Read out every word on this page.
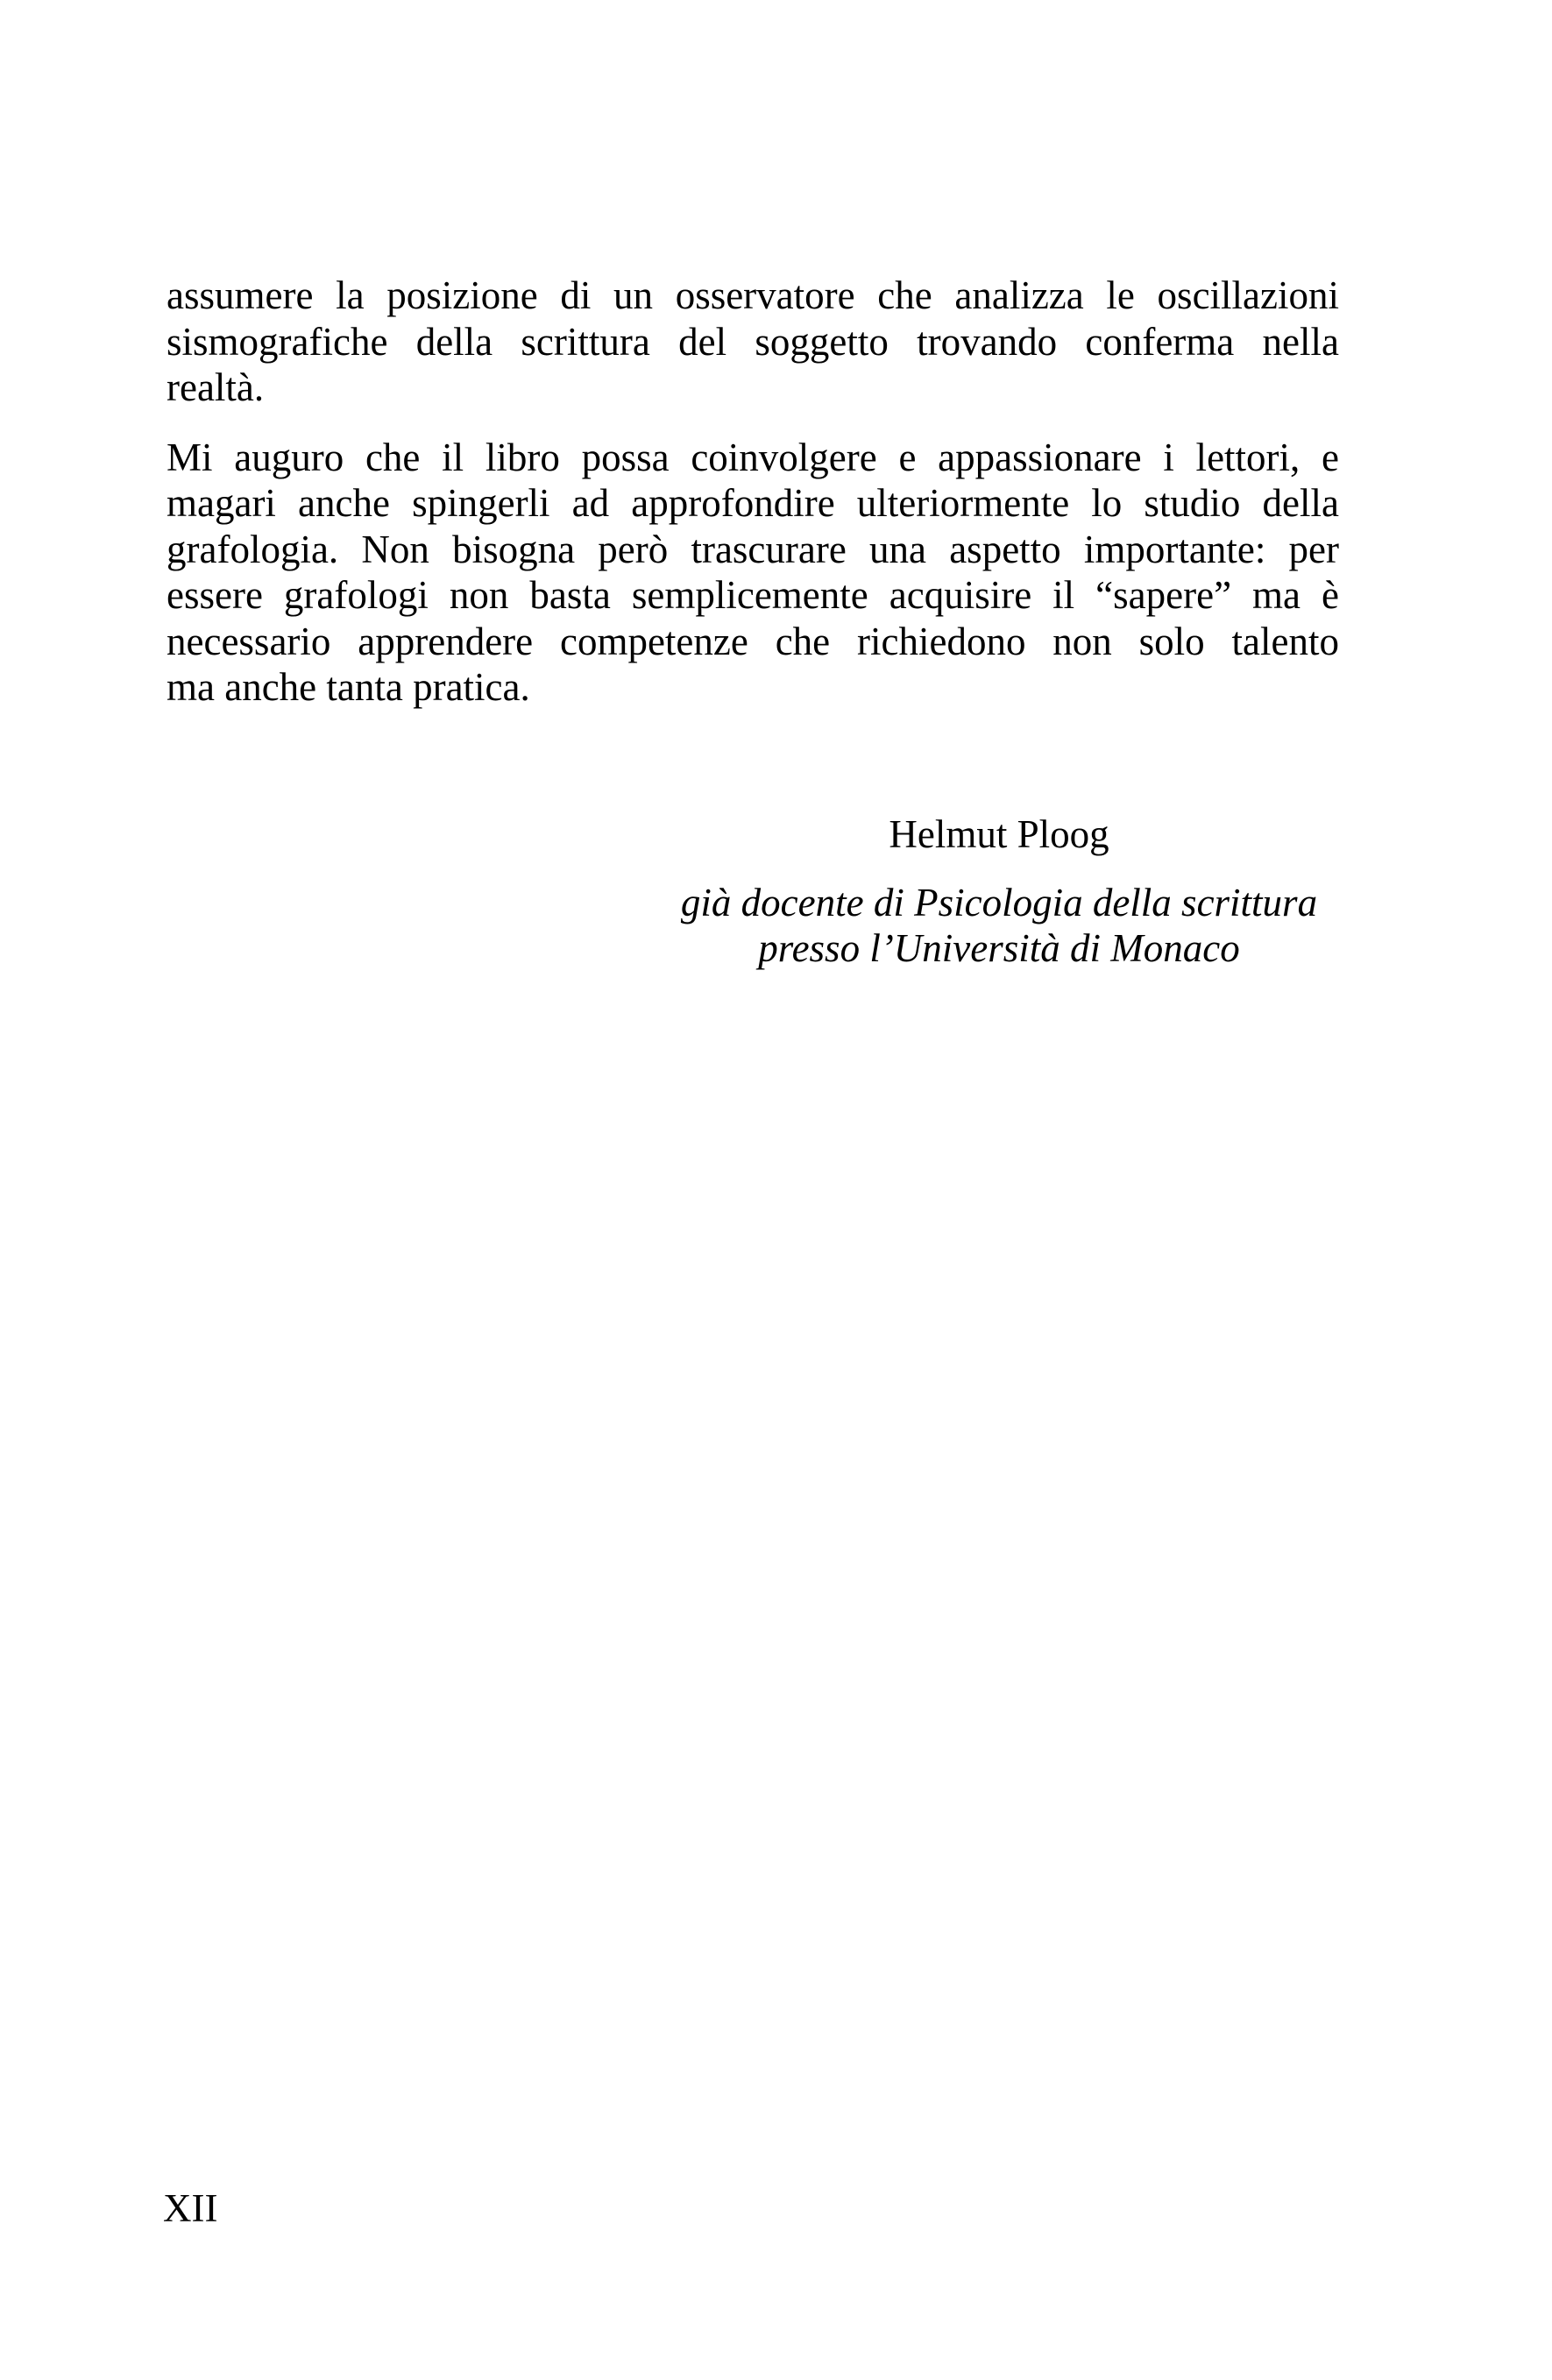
assumere la posizione di un osservatore che analizza le oscillazioni
sismografiche della scrittura del soggetto trovando conferma nella
realtà.
Mi auguro che il libro possa coinvolgere e appassionare i lettori, e
magari anche spingerli ad approfondire ulteriormente lo studio della
grafologia. Non bisogna però trascurare una aspetto importante: per
essere grafologi non basta semplicemente acquisire il “sapere” ma è
necessario apprendere competenze che richiedono non solo talento
ma anche tanta pratica.
Helmut Ploog
già docente di Psicologia della scrittura
presso l’Università di Monaco
XII
